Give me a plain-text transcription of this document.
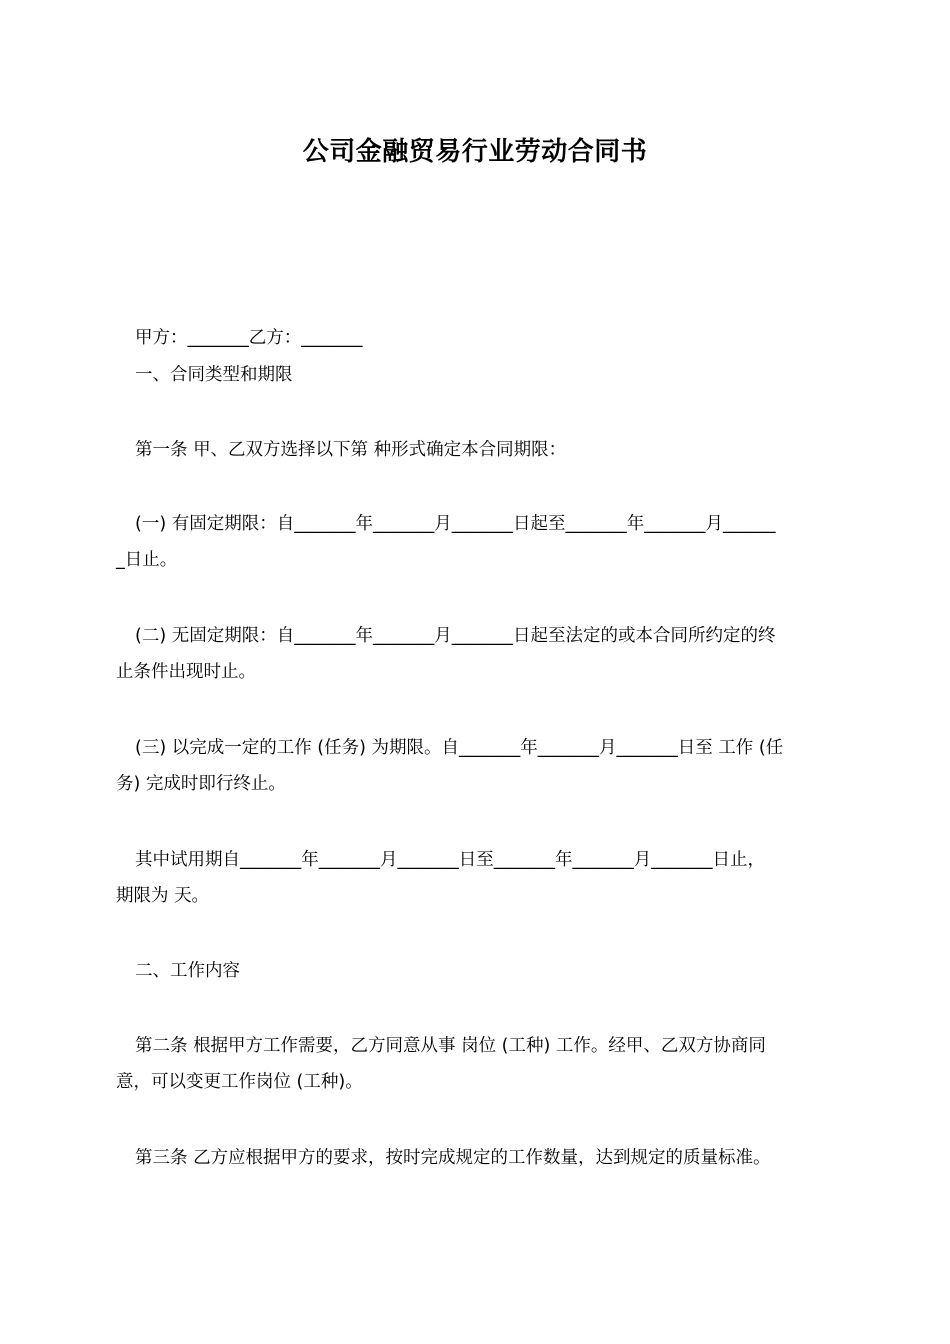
公司金融贸易行业劳动合同书
甲方：_______乙方：_______
一、合同类型和期限
第一条 甲、乙双方选择以下第 种形式确定本合同期限：
(一) 有固定期限：自_______年_______月_______日起至_______年_______月______
_日止。
(二) 无固定期限：自_______年_______月_______日起至法定的或本合同所约定的终
止条件出现时止。
(三) 以完成一定的工作 (任务) 为期限。自_______年_______月_______日至 工作 (任
务) 完成时即行终止。
其中试用期自_______年_______月_______日至_______年_______月_______日止，
期限为 天。
二、工作内容
第二条 根据甲方工作需要，乙方同意从事 岗位 (工种) 工作。经甲、乙双方协商同
意，可以变更工作岗位 (工种)。
第三条 乙方应根据甲方的要求，按时完成规定的工作数量，达到规定的质量标准。
